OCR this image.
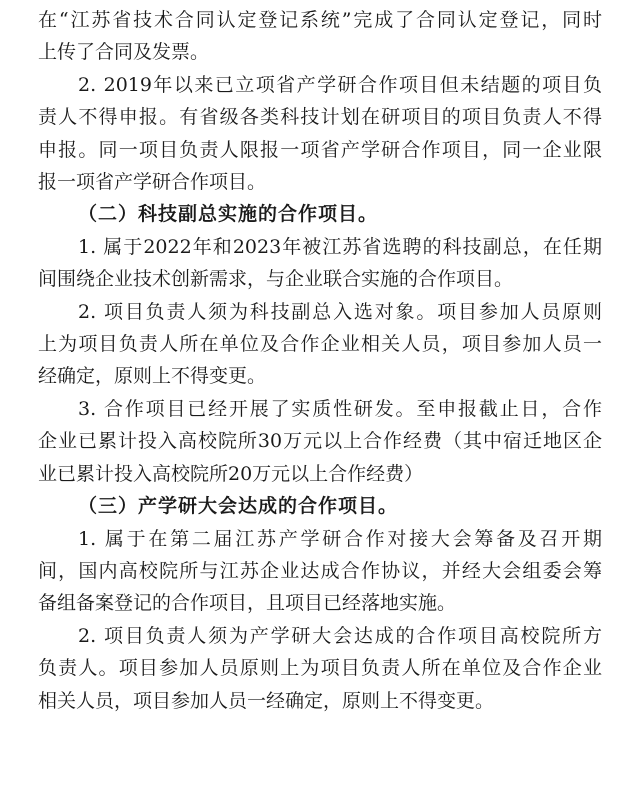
在“江苏省技术合同认定登记系统”完成了合同认定登记，同时
上传了合同及发票。

2. 2019年以来已立项省产学研合作项目但未结题的项目负
责人不得申报。有省级各类科技计划在研项目的项目负责人不得
申报。同一项目负责人限报一项省产学研合作项目，同一企业限
报一项省产学研合作项目。

（二）科技副总实施的合作项目。

1. 属于2022年和2023年被江苏省选聘的科技副总，在任期
间围绕企业技术创新需求，与企业联合实施的合作项目。

2. 项目负责人须为科技副总入选对象。项目参加人员原则
上为项目负责人所在单位及合作企业相关人员，项目参加人员一
经确定，原则上不得变更。

3. 合作项目已经开展了实质性研发。至申报截止日，合作
企业已累计投入高校院所30万元以上合作经费（其中宿迁地区企
业已累计投入高校院所20万元以上合作经费）

（三）产学研大会达成的合作项目。

1. 属于在第二届江苏产学研合作对接大会筹备及召开期
间，国内高校院所与江苏企业达成合作协议，并经大会组委会筹
备组备案登记的合作项目，且项目已经落地实施。

2. 项目负责人须为产学研大会达成的合作项目高校院所方
负责人。项目参加人员原则上为项目负责人所在单位及合作企业
相关人员，项目参加人员一经确定，原则上不得变更。
